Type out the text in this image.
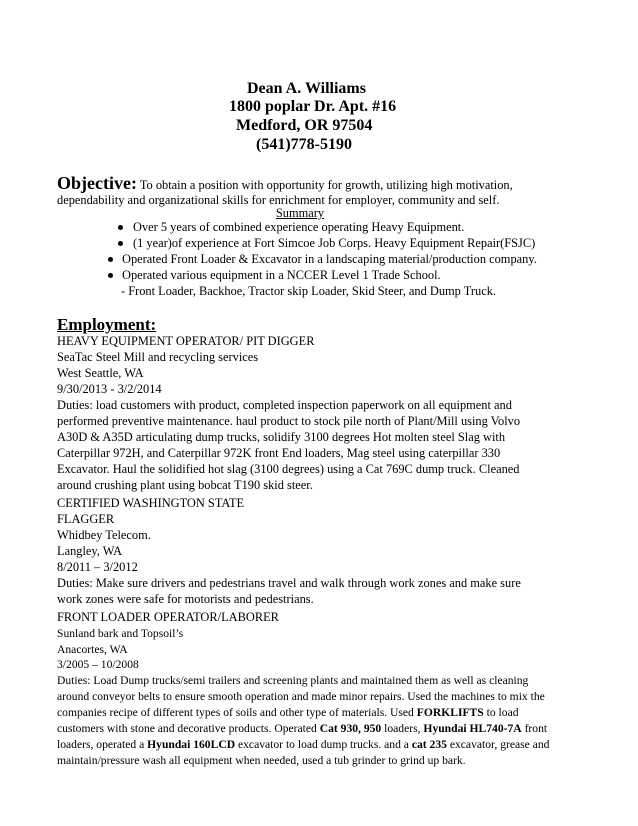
Dean A. Williams
1800 poplar Dr. Apt. #16
Medford, OR 97504
(541)778-5190
Objective: To obtain a position with opportunity for growth, utilizing high motivation,
dependability and organizational skills for enrichment for employer, community and self.
Summary
Over 5 years of combined experience operating Heavy Equipment.
(1 year)of experience at Fort Simcoe Job Corps. Heavy Equipment Repair(FSJC)
Operated Front Loader & Excavator in a landscaping material/production company.
Operated various equipment in a NCCER Level 1 Trade School.
- Front Loader, Backhoe, Tractor skip Loader, Skid Steer, and Dump Truck.
Employment:
HEAVY EQUIPMENT OPERATOR/ PIT DIGGER
SeaTac Steel Mill and recycling services
West Seattle, WA
9/30/2013 - 3/2/2014
Duties: load customers with product, completed inspection paperwork on all equipment and
performed preventive maintenance. haul product to stock pile north of Plant/Mill using Volvo
A30D & A35D articulating dump trucks, solidify 3100 degrees Hot molten steel Slag with
Caterpillar 972H, and Caterpillar 972K front End loaders, Mag steel using caterpillar 330
Excavator. Haul the solidified hot slag (3100 degrees) using a Cat 769C dump truck. Cleaned
around crushing plant using bobcat T190 skid steer.
CERTIFIED WASHINGTON STATE
FLAGGER
Whidbey Telecom.
Langley, WA
8/2011 – 3/2012
Duties: Make sure drivers and pedestrians travel and walk through work zones and make sure
work zones were safe for motorists and pedestrians.
FRONT LOADER OPERATOR/LABORER
Sunland bark and Topsoil’s
Anacortes, WA
3/2005 – 10/2008
Duties: Load Dump trucks/semi trailers and screening plants and maintained them as well as cleaning
around conveyor belts to ensure smooth operation and made minor repairs. Used the machines to mix the
companies recipe of different types of soils and other type of materials. Used FORKLIFTS to load
customers with stone and decorative products. Operated Cat 930, 950 loaders, Hyundai HL740-7A front
loaders, operated a Hyundai 160LCD excavator to load dump trucks. and a cat 235 excavator, grease and
maintain/pressure wash all equipment when needed, used a tub grinder to grind up bark.
